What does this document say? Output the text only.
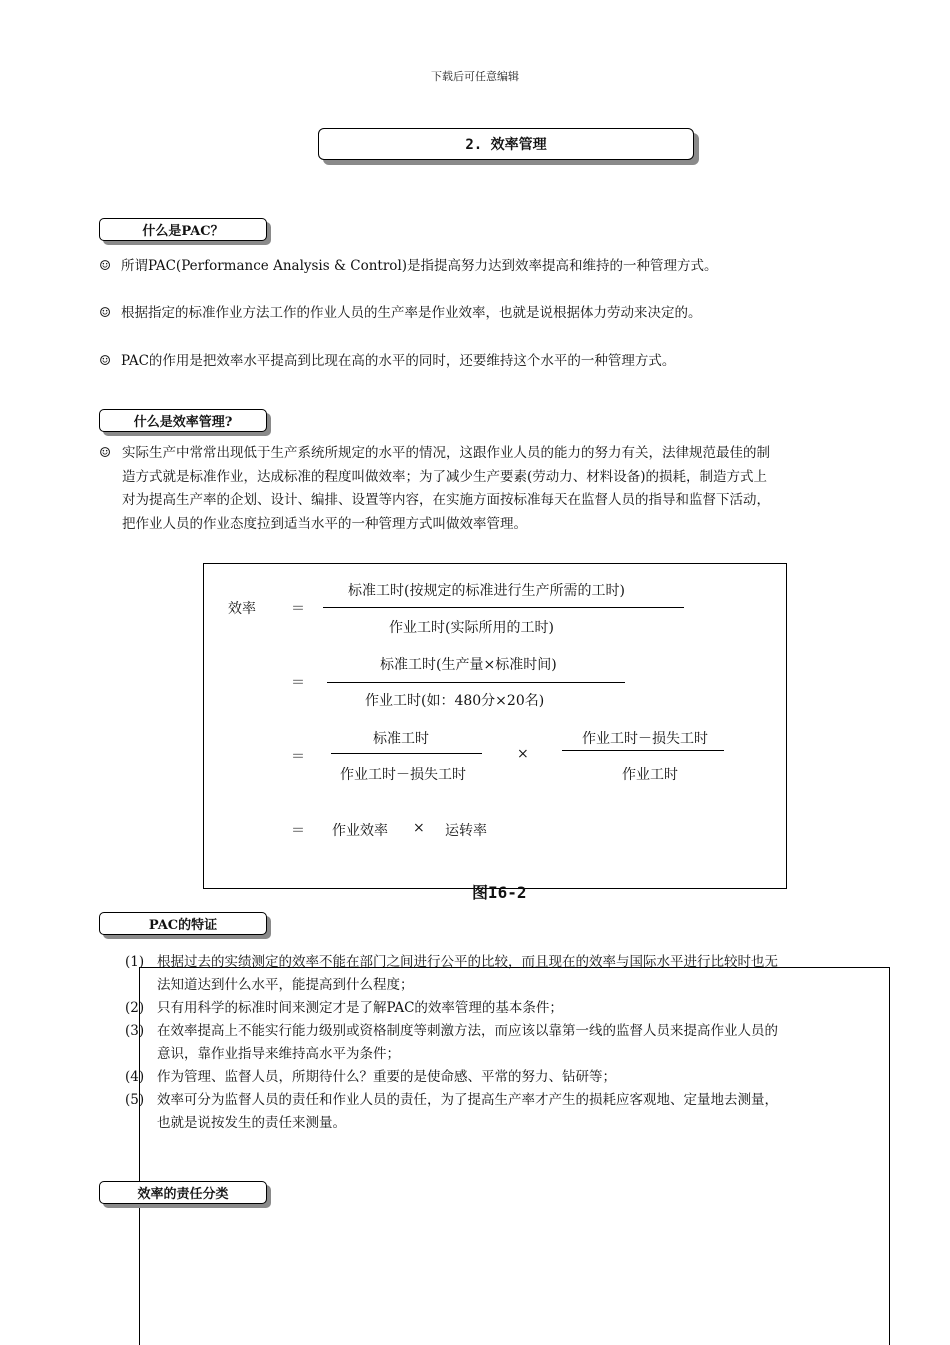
下载后可任意编辑
2. 效率管理
什么是PAC？
☺ 所谓PAC(Performance Analysis & Control)是指提高努力达到效率提高和维持的一种管理方式。
☺ 根据指定的标准作业方法工作的作业人员的生产率是作业效率，也就是说根据体力劳动来决定的。
☺ PAC的作用是把效率水平提高到比现在高的水平的同时，还要维持这个水平的一种管理方式。
什么是效率管理?
☺ 实际生产中常常出现低于生产系统所规定的水平的情况，这跟作业人员的能力的努力有关，法律规范最佳的制
造方式就是标准作业，达成标准的程度叫做效率；为了减少生产要素(劳动力、材料设备)的损耗，制造方式上
对为提高生产率的企划、设计、编排、设置等内容，在实施方面按标准每天在监督人员的指导和监督下活动，
把作业人员的作业态度拉到适当水平的一种管理方式叫做效率管理。
效率	＝
标准工时(按规定的标准进行生产所需的工时)
作业工时(实际所用的工时)
＝
标准工时(生产量×标准时间)
作业工时(如：480分×20名)
＝
标准工时
作业工时－损失工时
×
作业工时－损失工时
作业工时
＝ 作业效率 × 运转率
图I6-2
PAC的特证
(1) 根据过去的实绩测定的效率不能在部门之间进行公平的比较，而且现在的效率与国际水平进行比较时也无
法知道达到什么水平，能提高到什么程度；
(2) 只有用科学的标准时间来测定才是了解PAC的效率管理的基本条件；
(3) 在效率提高上不能实行能力级别或资格制度等刺激方法，而应该以靠第一线的监督人员来提高作业人员的
意识，靠作业指导来维持高水平为条件；
(4) 作为管理、监督人员，所期待什么？重要的是使命感、平常的努力、钻研等；
(5) 效率可分为监督人员的责任和作业人员的责任，为了提高生产率才产生的损耗应客观地、定量地去测量，
也就是说按发生的责任来测量。
效率的责任分类
